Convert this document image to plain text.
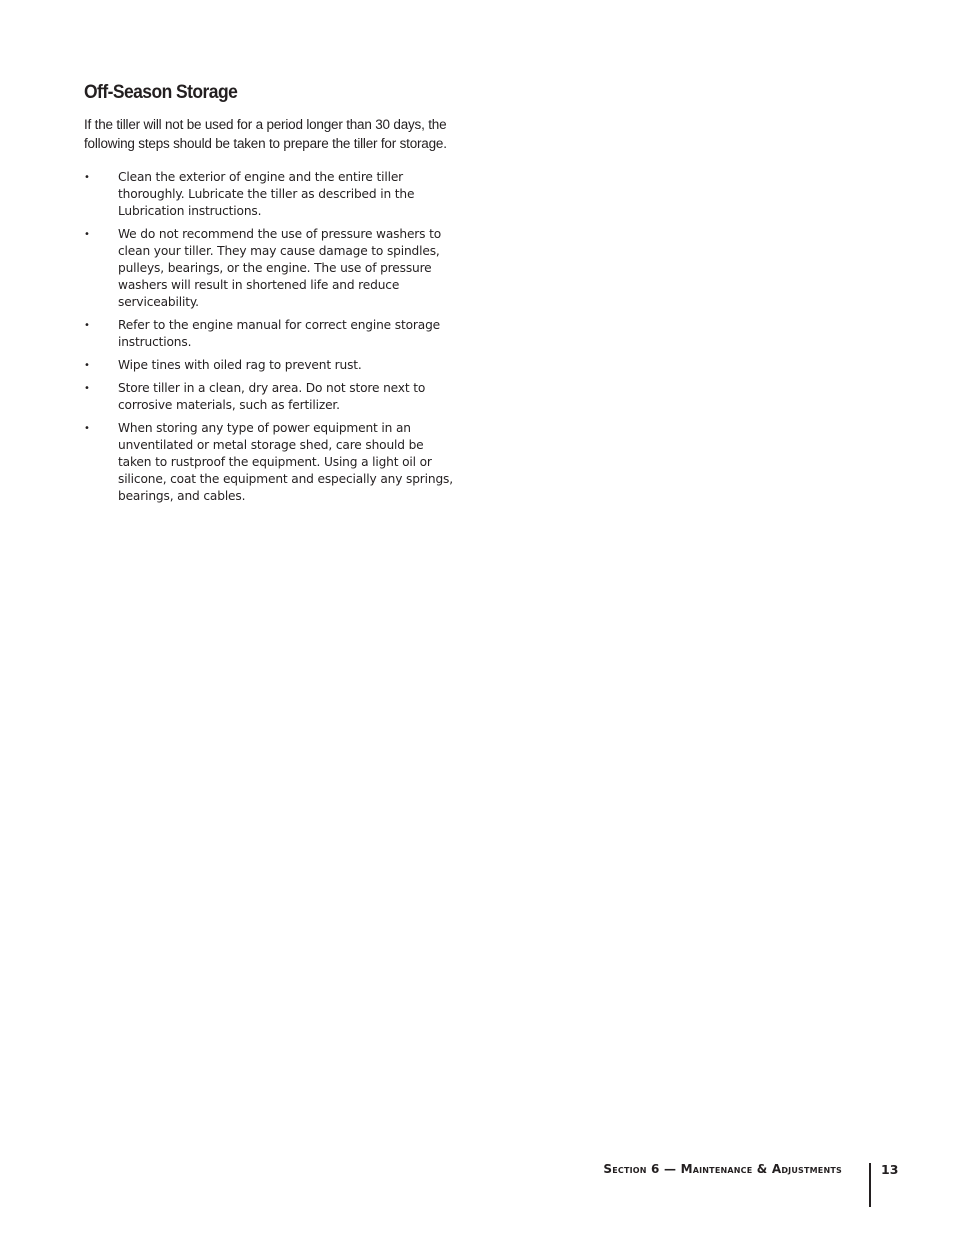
Off-Season Storage

If the tiller will not be used for a period longer than 30 days, the following steps should be taken to prepare the tiller for storage.

• Clean the exterior of engine and the entire tiller thoroughly. Lubricate the tiller as described in the Lubrication instructions.
• We do not recommend the use of pressure washers to clean your tiller. They may cause damage to spindles, pulleys, bearings, or the engine. The use of pressure washers will result in shortened life and reduce serviceability.
• Refer to the engine manual for correct engine storage instructions.
• Wipe tines with oiled rag to prevent rust.
• Store tiller in a clean, dry area. Do not store next to corrosive materials, such as fertilizer.
• When storing any type of power equipment in an unventilated or metal storage shed, care should be taken to rustproof the equipment. Using a light oil or silicone, coat the equipment and especially any springs, bearings, and cables.
Section 6 — Maintenance & Adjustments	13
